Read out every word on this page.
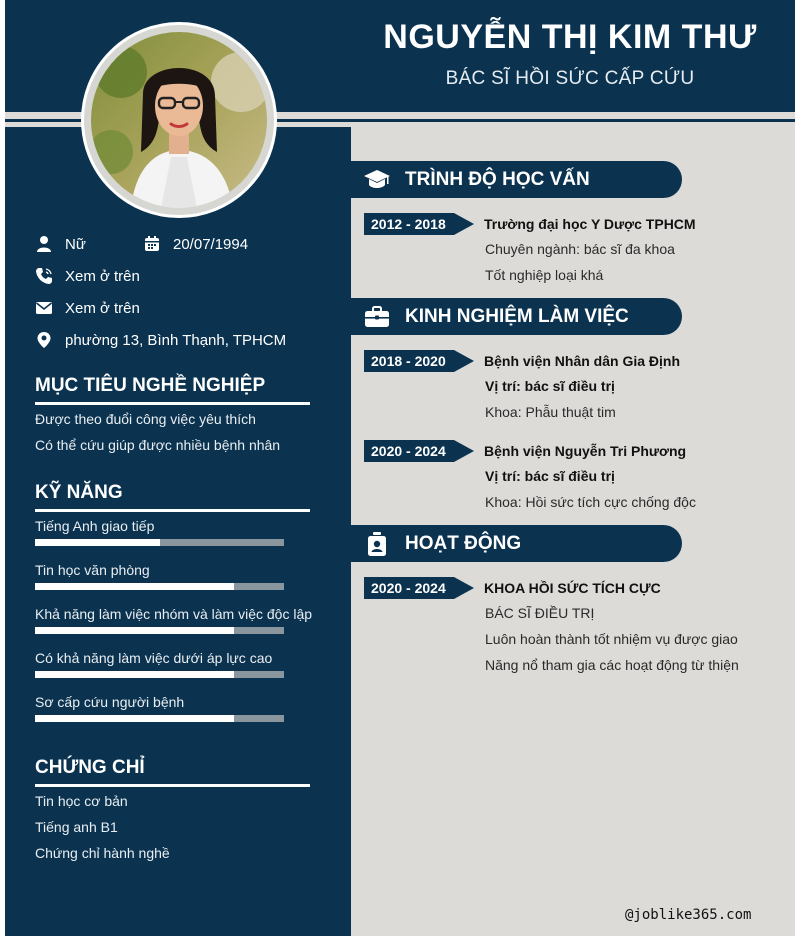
NGUYỄN THỊ KIM THƯ
BÁC SĨ HỒI SỨC CẤP CỨU
Nữ	20/07/1994
Xem ở trên
Xem ở trên
phường 13, Bình Thạnh, TPHCM
MỤC TIÊU NGHỀ NGHIỆP
Được theo đuổi công việc yêu thích
Có thể cứu giúp được nhiều bệnh nhân
KỸ NĂNG
Tiếng Anh giao tiếp
Tin học văn phòng
Khả năng làm việc nhóm và làm việc độc lập
Có khả năng làm việc dưới áp lực cao
Sơ cấp cứu người bệnh
CHỨNG CHỈ
Tin học cơ bản
Tiếng anh B1
Chứng chỉ hành nghề
TRÌNH ĐỘ HỌC VẤN
2012 - 2018	Trường đại học Y Dược TPHCM
Chuyên ngành: bác sĩ đa khoa
Tốt nghiệp loại khá
KINH NGHIỆM LÀM VIỆC
2018 - 2020	Bệnh viện Nhân dân Gia Định
Vị trí: bác sĩ điều trị
Khoa: Phẫu thuật tim
2020 - 2024	Bệnh viện Nguyễn Tri Phương
Vị trí: bác sĩ điều trị
Khoa: Hồi sức tích cực chống độc
HOẠT ĐỘNG
2020 - 2024	KHOA HỒI SỨC TÍCH CỰC
BÁC SĨ ĐIỀU TRỊ
Luôn hoàn thành tốt nhiệm vụ được giao
Năng nổ tham gia các hoạt động từ thiện
@joblike365.com
